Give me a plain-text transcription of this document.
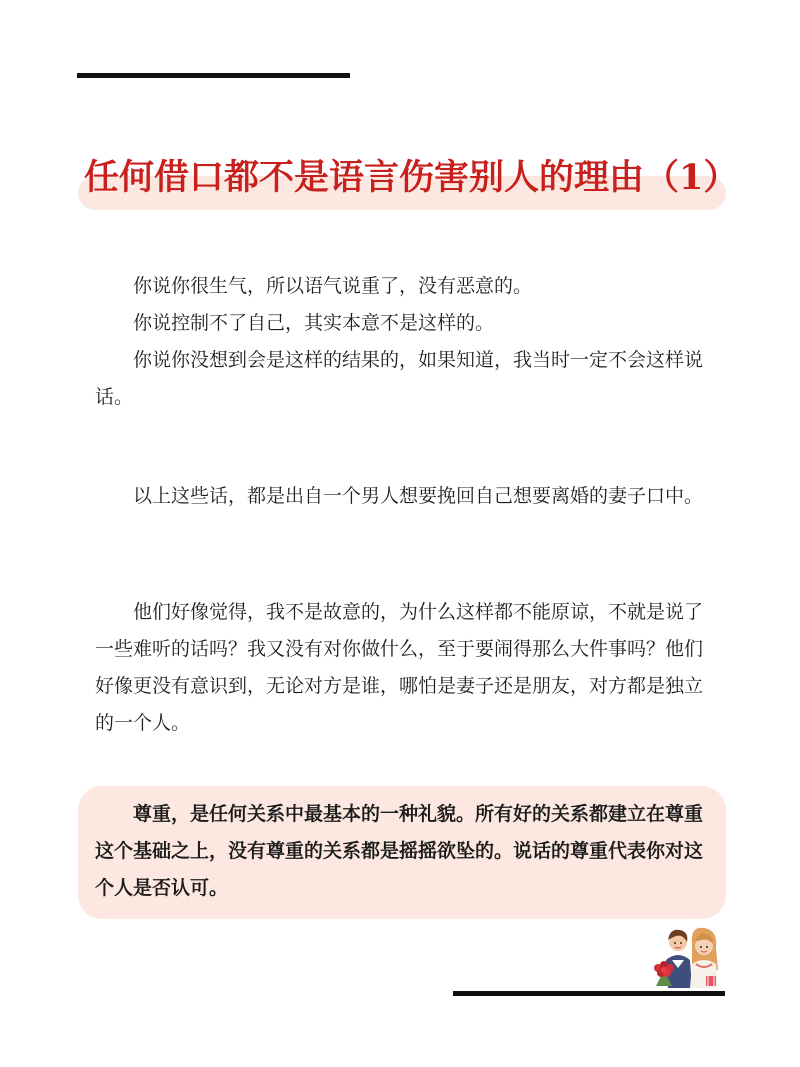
任何借口都不是语言伤害别人的理由（1）

你说你很生气，所以语气说重了，没有恶意的。

你说控制不了自己，其实本意不是这样的。

你说你没想到会是这样的结果的，如果知道，我当时一定不会这样说话。

以上这些话，都是出自一个男人想要挽回自己想要离婚的妻子口中。

他们好像觉得，我不是故意的，为什么这样都不能原谅，不就是说了一些难听的话吗？我又没有对你做什么，至于要闹得那么大件事吗？他们好像更没有意识到，无论对方是谁，哪怕是妻子还是朋友，对方都是独立的一个人。

尊重，是任何关系中最基本的一种礼貌。所有好的关系都建立在尊重这个基础之上，没有尊重的关系都是摇摇欲坠的。说话的尊重代表你对这个人是否认可。
